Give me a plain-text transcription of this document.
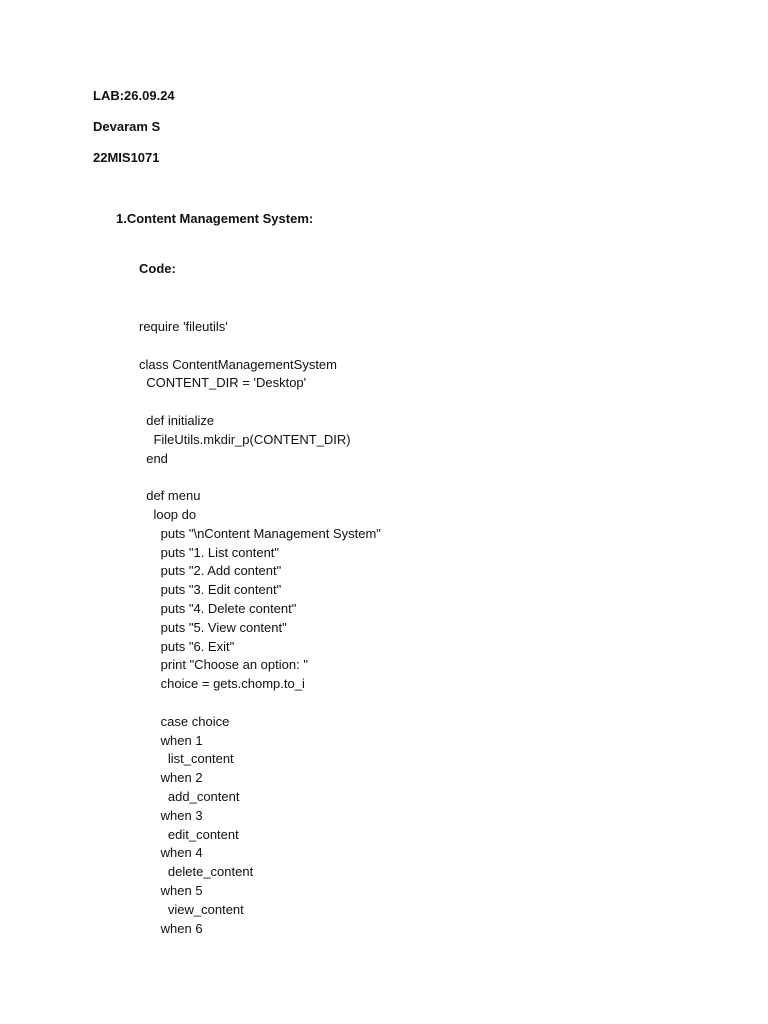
LAB:26.09.24
Devaram S
22MIS1071
1.Content Management System:
Code:
require 'fileutils'
class ContentManagementSystem
CONTENT_DIR = 'Desktop'
def initialize
FileUtils.mkdir_p(CONTENT_DIR)
end
def menu
loop do
puts "\nContent Management System"
puts "1. List content"
puts "2. Add content"
puts "3. Edit content"
puts "4. Delete content"
puts "5. View content"
puts "6. Exit"
print "Choose an option: "
choice = gets.chomp.to_i
case choice
when 1
list_content
when 2
add_content
when 3
edit_content
when 4
delete_content
when 5
view_content
when 6
